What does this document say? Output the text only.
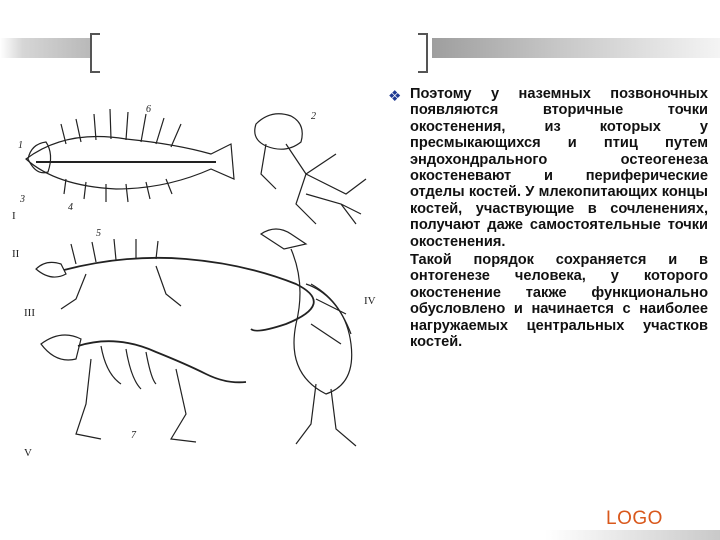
I
1
6
4
2
III
II
5
IV
V
3
7
❖ Поэтому у наземных позвоночных появляются вторичные точки окостенения, из которых у пресмыкающихся и птиц путем эндохондрального остеогенеза окостеневают и периферические отделы костей. У млекопитающих концы костей, участвующие в сочленениях, получают даже самостоятельные точки окостенения.

Такой порядок сохраняется и в онтогенезе человека, у которого окостенение также функционально обусловлено и начинается с наиболее нагружаемых центральных участков костей.

LOGO
